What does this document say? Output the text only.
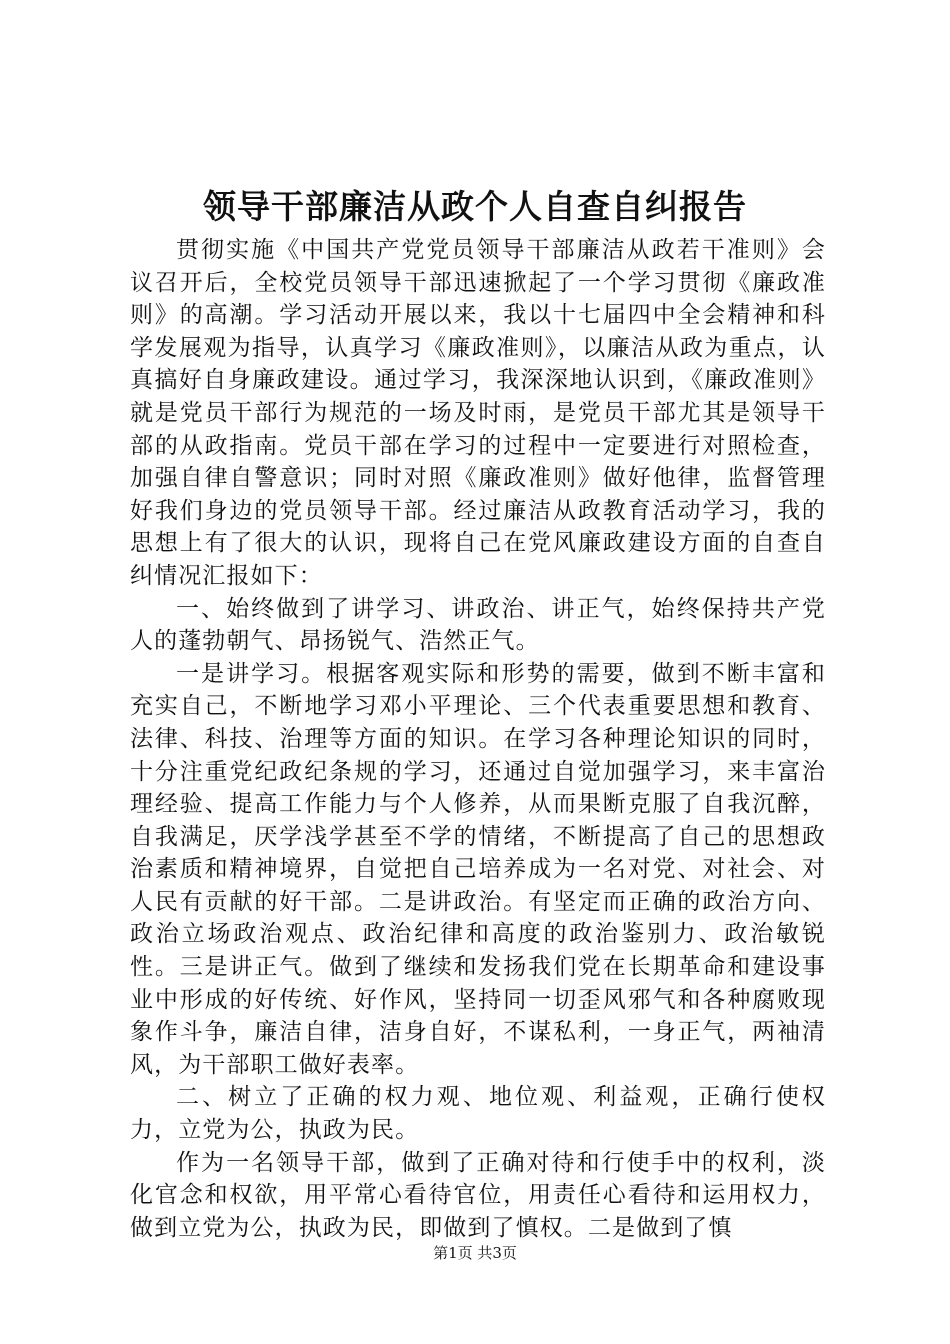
领导干部廉洁从政个人自查自纠报告

贯彻实施《中国共产党党员领导干部廉洁从政若干准则》会议召开后，全校党员领导干部迅速掀起了一个学习贯彻《廉政准则》的高潮。学习活动开展以来，我以十七届四中全会精神和科学发展观为指导，认真学习《廉政准则》，以廉洁从政为重点，认真搞好自身廉政建设。通过学习，我深深地认识到，《廉政准则》就是党员干部行为规范的一场及时雨，是党员干部尤其是领导干部的从政指南。党员干部在学习的过程中一定要进行对照检查，加强自律自警意识；同时对照《廉政准则》做好他律，监督管理好我们身边的党员领导干部。经过廉洁从政教育活动学习，我的思想上有了很大的认识，现将自己在党风廉政建设方面的自查自纠情况汇报如下：

一、始终做到了讲学习、讲政治、讲正气，始终保持共产党人的蓬勃朝气、昂扬锐气、浩然正气。

一是讲学习。根据客观实际和形势的需要，做到不断丰富和充实自己，不断地学习邓小平理论、三个代表重要思想和教育、法律、科技、治理等方面的知识。在学习各种理论知识的同时，十分注重党纪政纪条规的学习，还通过自觉加强学习，来丰富治理经验、提高工作能力与个人修养，从而果断克服了自我沉醉，自我满足，厌学浅学甚至不学的情绪，不断提高了自己的思想政治素质和精神境界，自觉把自己培养成为一名对党、对社会、对人民有贡献的好干部。二是讲政治。有坚定而正确的政治方向、政治立场政治观点、政治纪律和高度的政治鉴别力、政治敏锐性。三是讲正气。做到了继续和发扬我们党在长期革命和建设事业中形成的好传统、好作风，坚持同一切歪风邪气和各种腐败现象作斗争，廉洁自律，洁身自好，不谋私利，一身正气，两袖清风，为干部职工做好表率。

二、树立了正确的权力观、地位观、利益观，正确行使权力，立党为公，执政为民。

作为一名领导干部，做到了正确对待和行使手中的权利，淡化官念和权欲，用平常心看待官位，用责任心看待和运用权力，做到立党为公，执政为民，即做到了慎权。二是做到了慎

第1页 共3页
